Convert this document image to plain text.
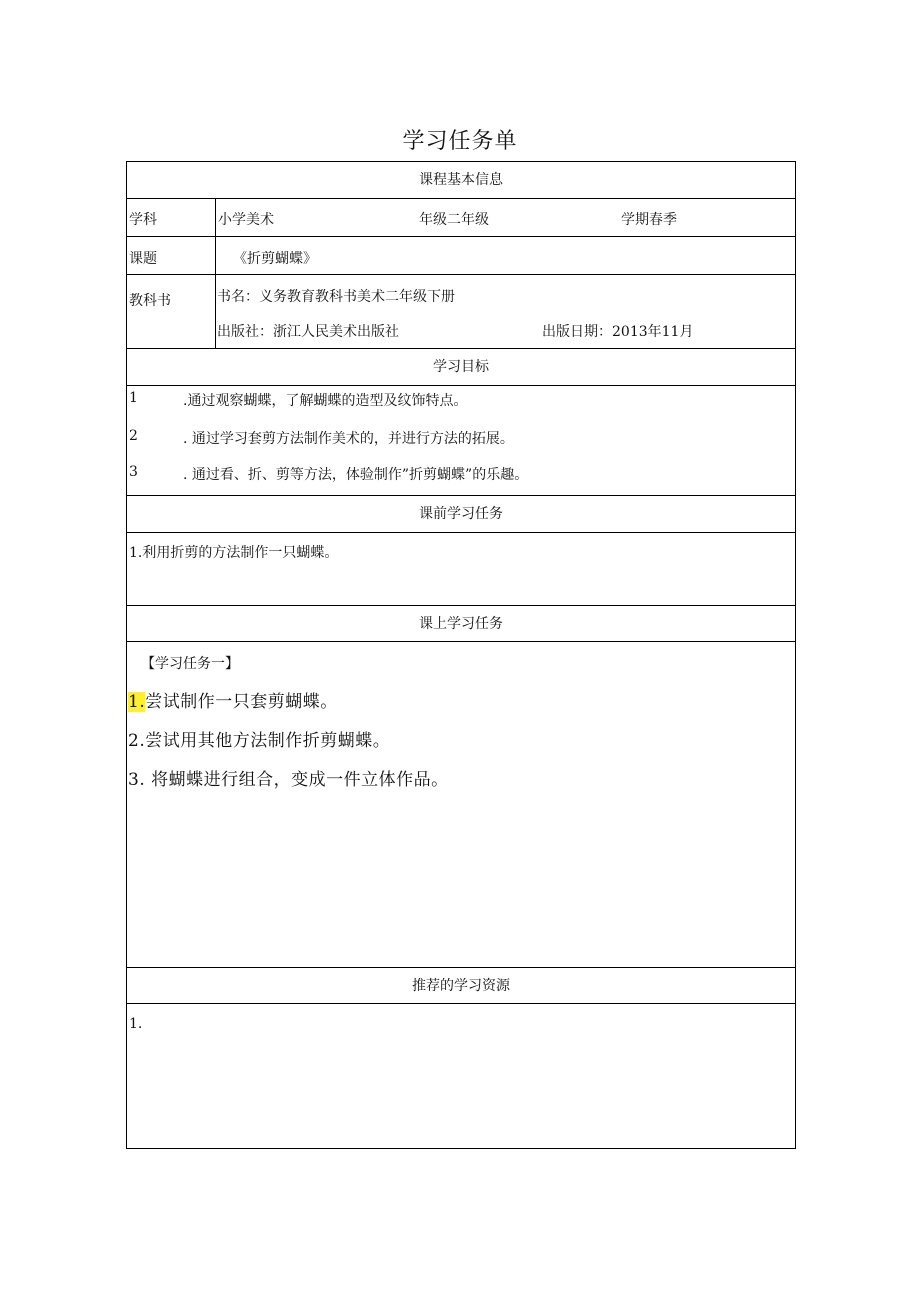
学习任务单
课程基本信息
学科	小学美术	年级二年级	学期春季
课题	《折剪蝴蝶》
教科书	书名：义务教育教科书美术二年级下册
出版社：浙江人民美术出版社	出版日期：2013年11月
学习目标
1	.通过观察蝴蝶，了解蝴蝶的造型及纹饰特点。
2	. 通过学习套剪方法制作美术的，并进行方法的拓展。
3	. 通过看、折、剪等方法，体验制作”折剪蝴蝶”的乐趣。
课前学习任务
1.利用折剪的方法制作一只蝴蝶。
课上学习任务
【学习任务一】
1.尝试制作一只套剪蝴蝶。
2.尝试用其他方法制作折剪蝴蝶。
3. 将蝴蝶进行组合，变成一件立体作品。
推荐的学习资源
1.
